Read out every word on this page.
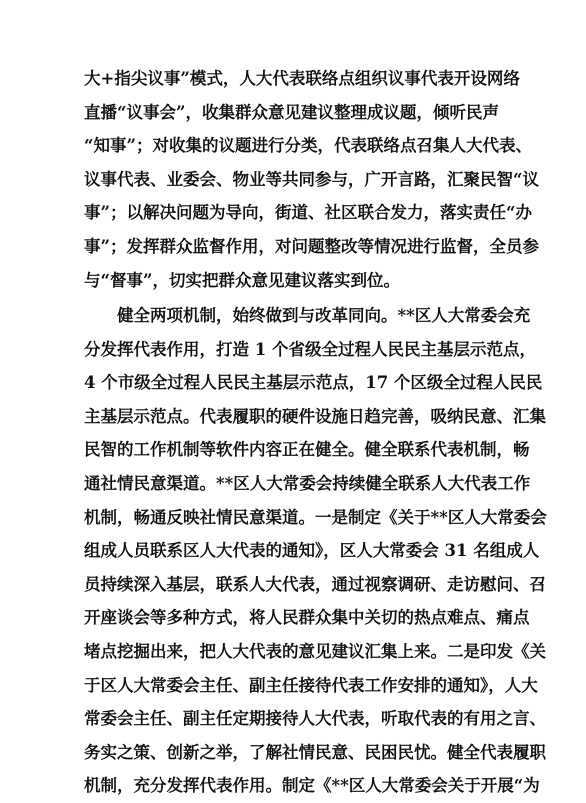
大+指尖议事”模式，人大代表联络点组织议事代表开设网络
直播“议事会”，收集群众意见建议整理成议题，倾听民声
“知事”；对收集的议题进行分类，代表联络点召集人大代表、
议事代表、业委会、物业等共同参与，广开言路，汇聚民智“议
事”；以解决问题为导向，街道、社区联合发力，落实责任“办
事”；发挥群众监督作用，对问题整改等情况进行监督，全员参
与“督事”，切实把群众意见建议落实到位。
健全两项机制，始终做到与改革同向。**区人大常委会充
分发挥代表作用，打造 1 个省级全过程人民民主基层示范点，
4 个市级全过程人民民主基层示范点，17 个区级全过程人民民
主基层示范点。代表履职的硬件设施日趋完善，吸纳民意、汇集
民智的工作机制等软件内容正在健全。健全联系代表机制，畅
通社情民意渠道。**区人大常委会持续健全联系人大代表工作
机制，畅通反映社情民意渠道。一是制定《关于**区人大常委会
组成人员联系区人大代表的通知》，区人大常委会 31 名组成人
员持续深入基层，联系人大代表，通过视察调研、走访慰问、召
开座谈会等多种方式，将人民群众集中关切的热点难点、痛点
堵点挖掘出来，把人大代表的意见建议汇集上来。二是印发《关
于区人大常委会主任、副主任接待代表工作安排的通知》，人大
常委会主任、副主任定期接待人大代表，听取代表的有用之言、
务实之策、创新之举，了解社情民意、民困民忧。健全代表履职
机制，充分发挥代表作用。制定《**区人大常委会关于开展“为
